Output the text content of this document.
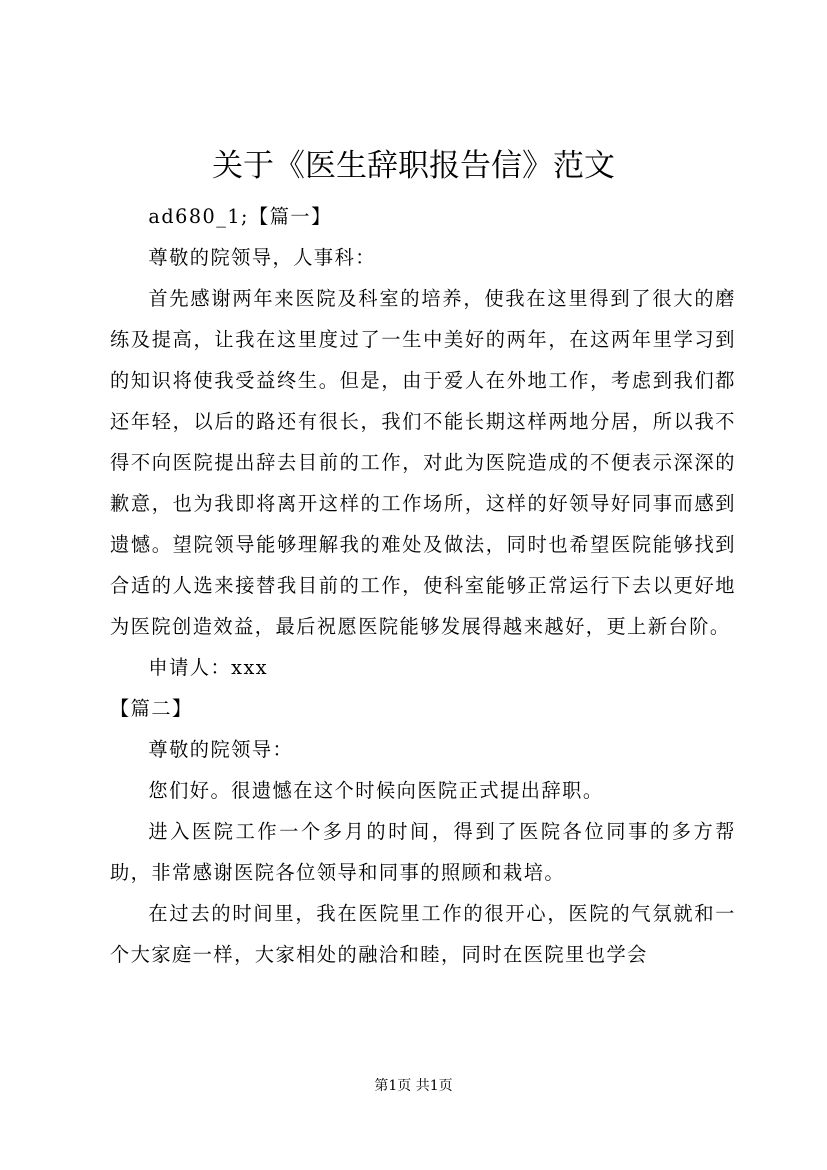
关于《医生辞职报告信》范文

ad680_1;【篇一】

尊敬的院领导，人事科：

首先感谢两年来医院及科室的培养，使我在这里得到了很大的磨练及提高，让我在这里度过了一生中美好的两年，在这两年里学习到的知识将使我受益终生。但是，由于爱人在外地工作，考虑到我们都还年轻，以后的路还有很长，我们不能长期这样两地分居，所以我不得不向医院提出辞去目前的工作，对此为医院造成的不便表示深深的歉意，也为我即将离开这样的工作场所，这样的好领导好同事而感到遗憾。望院领导能够理解我的难处及做法，同时也希望医院能够找到合适的人选来接替我目前的工作，使科室能够正常运行下去以更好地为医院创造效益，最后祝愿医院能够发展得越来越好，更上新台阶。

申请人：xxx

【篇二】

尊敬的院领导：

您们好。很遗憾在这个时候向医院正式提出辞职。

进入医院工作一个多月的时间，得到了医院各位同事的多方帮助，非常感谢医院各位领导和同事的照顾和栽培。

在过去的时间里，我在医院里工作的很开心，医院的气氛就和一个大家庭一样，大家相处的融洽和睦，同时在医院里也学会

第1页 共1页
